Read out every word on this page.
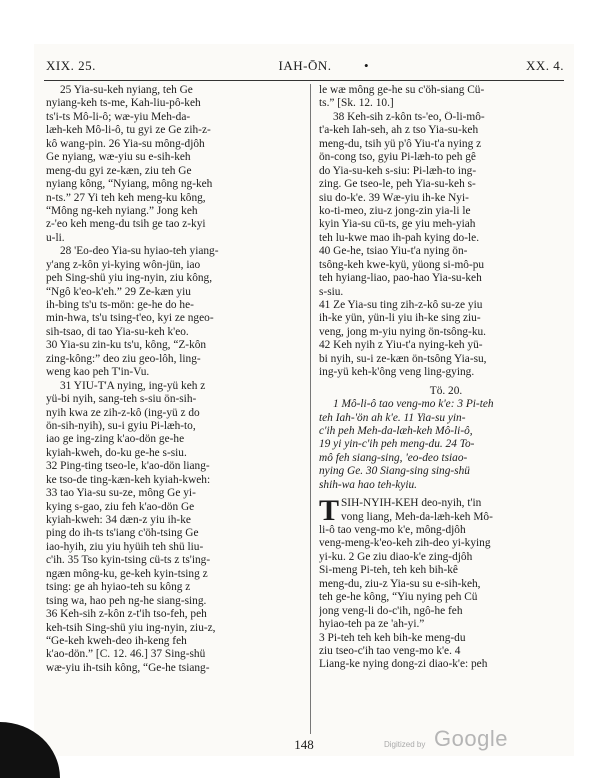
XIX. 25.	IAH-ŌN.	•	XX. 4.
25 Yia-su-keh nyiang, teh Ge
nyiang-keh ts-me, Kah-liu-pô-keh
ts'i-ts Mô-li-ô; wæ-yiu Meh-da-
læh-keh Mô-li-ô, tu gyi ze Ge zih-z-
kô wang-pin. 26 Yia-su mông-djôh
Ge nyiang, wæ-yiu su e-sih-keh
meng-du gyi ze-kæn, ziu teh Ge
nyiang kông, “Nyiang, mông ng-keh
n-ts.” 27 Yi teh keh meng-ku kông,
“Mông ng-keh nyiang.” Jong keh
z-'eo keh meng-du tsih ge tao z-kyi
u-li.
28 'Eo-deo Yia-su hyiao-teh yiang-
y'ang z-kôn yi-kying wôn-jün, iao
peh Sing-shü yiu ing-nyin, ziu kông,
“Ngô k'eo-k'eh.” 29 Ze-kæn yiu
ih-bing ts'u ts-mön: ge-he do he-
min-hwa, ts'u tsing-t'eo, kyi ze ngeo-
sih-tsao, di tao Yia-su-keh k'eo.
30 Yia-su zin-ku ts'u, kông, “Z-kôn
zing-kông:” deo ziu geo-lôh, ling-
weng kao peh T'in-Vu.
31 YIU-T'A nying, ing-yü keh z
yü-bi nyih, sang-teh s-siu ön-sih-
nyih kwa ze zih-z-kô (ing-yü z do
ön-sih-nyih), su-i gyiu Pi-læh-to,
iao ge ing-zing k'ao-dön ge-he
kyiah-kweh, do-ku ge-he s-siu.
32 Ping-ting tseo-le, k'ao-dön liang-
ke tso-de ting-kæn-keh kyiah-kweh:
33 tao Yia-su su-ze, mông Ge yi-
kying s-gao, ziu feh k'ao-dön Ge
kyiah-kweh: 34 dæn-z yiu ih-ke
ping do ih-ts ts'iang c'öh-tsing Ge
iao-hyih, ziu yiu hyüih teh shü liu-
c'ih. 35 Tso kyin-tsing cü-ts z ts'ing-
ngæn mông-ku, ge-keh kyin-tsing z
tsing: ge ah hyiao-teh su kông z
tsing wa, hao peh ng-he siang-sing.
36 Keh-sih z-kôn z-t'ih tso-feh, peh
keh-tsih Sing-shü yiu ing-nyin, ziu-z,
“Ge-keh kweh-deo ih-keng feh
k'ao-dön.” [C. 12. 46.] 37 Sing-shü
wæ-yiu ih-tsih kông, “Ge-he tsiang-
le wæ mông ge-he su c'öh-siang Cü-
ts.” [Sk. 12. 10.]
38 Keh-sih z-kôn ts-'eo, Ô-li-mô-
t'a-keh Iah-seh, ah z tso Yia-su-keh
meng-du, tsih yü p'ô Yiu-t'a nying z
ön-cong tso, gyiu Pi-læh-to peh gê
do Yia-su-keh s-siu: Pi-læh-to ing-
zing. Ge tseo-le, peh Yia-su-keh s-
siu do-k'e. 39 Wæ-yiu ih-ke Nyi-
ko-ti-meo, ziu-z jong-zin yia-li le
kyin Yia-su cü-ts, ge yiu meh-yiah
teh lu-kwe mao ih-pah kying do-le.
40 Ge-he, tsiao Yiu-t'a nying ön-
tsông-keh kwe-kyü, yüong si-mô-pu
teh hyiang-liao, pao-hao Yia-su-keh
s-siu.
41 Ze Yia-su ting zih-z-kô su-ze yiu
ih-ke yün, yün-li yiu ih-ke sing ziu-
veng, jong m-yiu nying ön-tsông-ku.
42 Keh nyih z Yiu-t'a nying-keh yü-
bi nyih, su-i ze-kæn ön-tsông Yia-su,
ing-yü keh-k'ông veng ling-gying.
Tö. 20.
1 Mô-li-ô tao veng-mo k'e: 3 Pi-teh
teh Iah-'ön ah k'e. 11 Yia-su yin-
c'ih peh Meh-da-læh-keh Mô-li-ô,
19 yi yin-c'ih peh meng-du. 24 To-
mô feh siang-sing, 'eo-deo tsiao-
nying Ge. 30 Siang-sing sing-shü
shih-wa hao teh-kyiu.
T SIH-NYIH-KEH deo-nyih, t'in
vong liang, Meh-da-læh-keh Mô-
li-ô tao veng-mo k'e, mông-djôh
veng-meng-k'eo-keh zih-deo yi-kying
yi-ku. 2 Ge ziu diao-k'e zing-djôh
Si-meng Pi-teh, teh keh bih-kê
meng-du, ziu-z Yia-su su e-sih-keh,
teh ge-he kông, “Yiu nying peh Cü
jong veng-li do-c'ih, ngô-he feh
hyiao-teh pa ze 'ah-yi.”
3 Pi-teh teh keh bih-ke meng-du
ziu tseo-c'ih tao veng-mo k'e. 4
Liang-ke nying dong-zi diao-k'e: peh
148	Digitized by Google
